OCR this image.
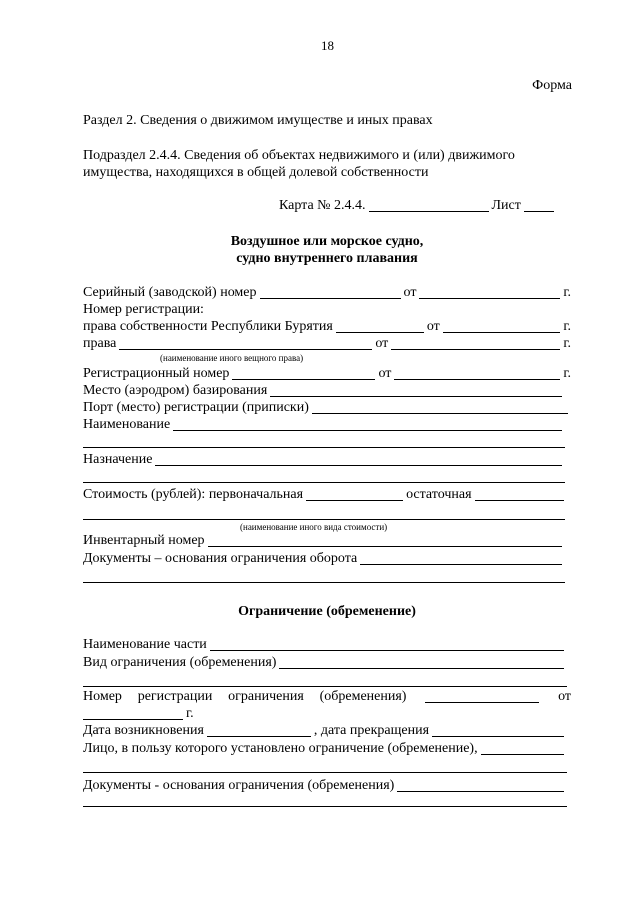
18
Форма
Раздел 2. Сведения о движимом имуществе и иных правах
Подраздел 2.4.4. Сведения об объектах недвижимого и (или) движимого
имущества, находящихся в общей долевой собственности
Карта № 2.4.4.	Лист
Воздушное или морское судно,
судно внутреннего плавания
Серийный (заводской) номер	от	г.
Номер регистрации:
права собственности Республики Бурятия	от	г.
права	от	г.
(наименование иного вещного права)
Регистрационный номер	от	г.
Место (аэродром) базирования
Порт (место) регистрации (приписки)
Наименование
Назначение
Стоимость (рублей): первоначальная	остаточная
(наименование иного вида стоимости)
Инвентарный номер
Документы – основания ограничения оборота
Ограничение (обременение)
Наименование части
Вид ограничения (обременения)
Номер регистрации ограничения (обременения)	от
г.
Дата возникновения	, дата прекращения
Лицо, в пользу которого установлено ограничение (обременение),
Документы - основания ограничения (обременения)
